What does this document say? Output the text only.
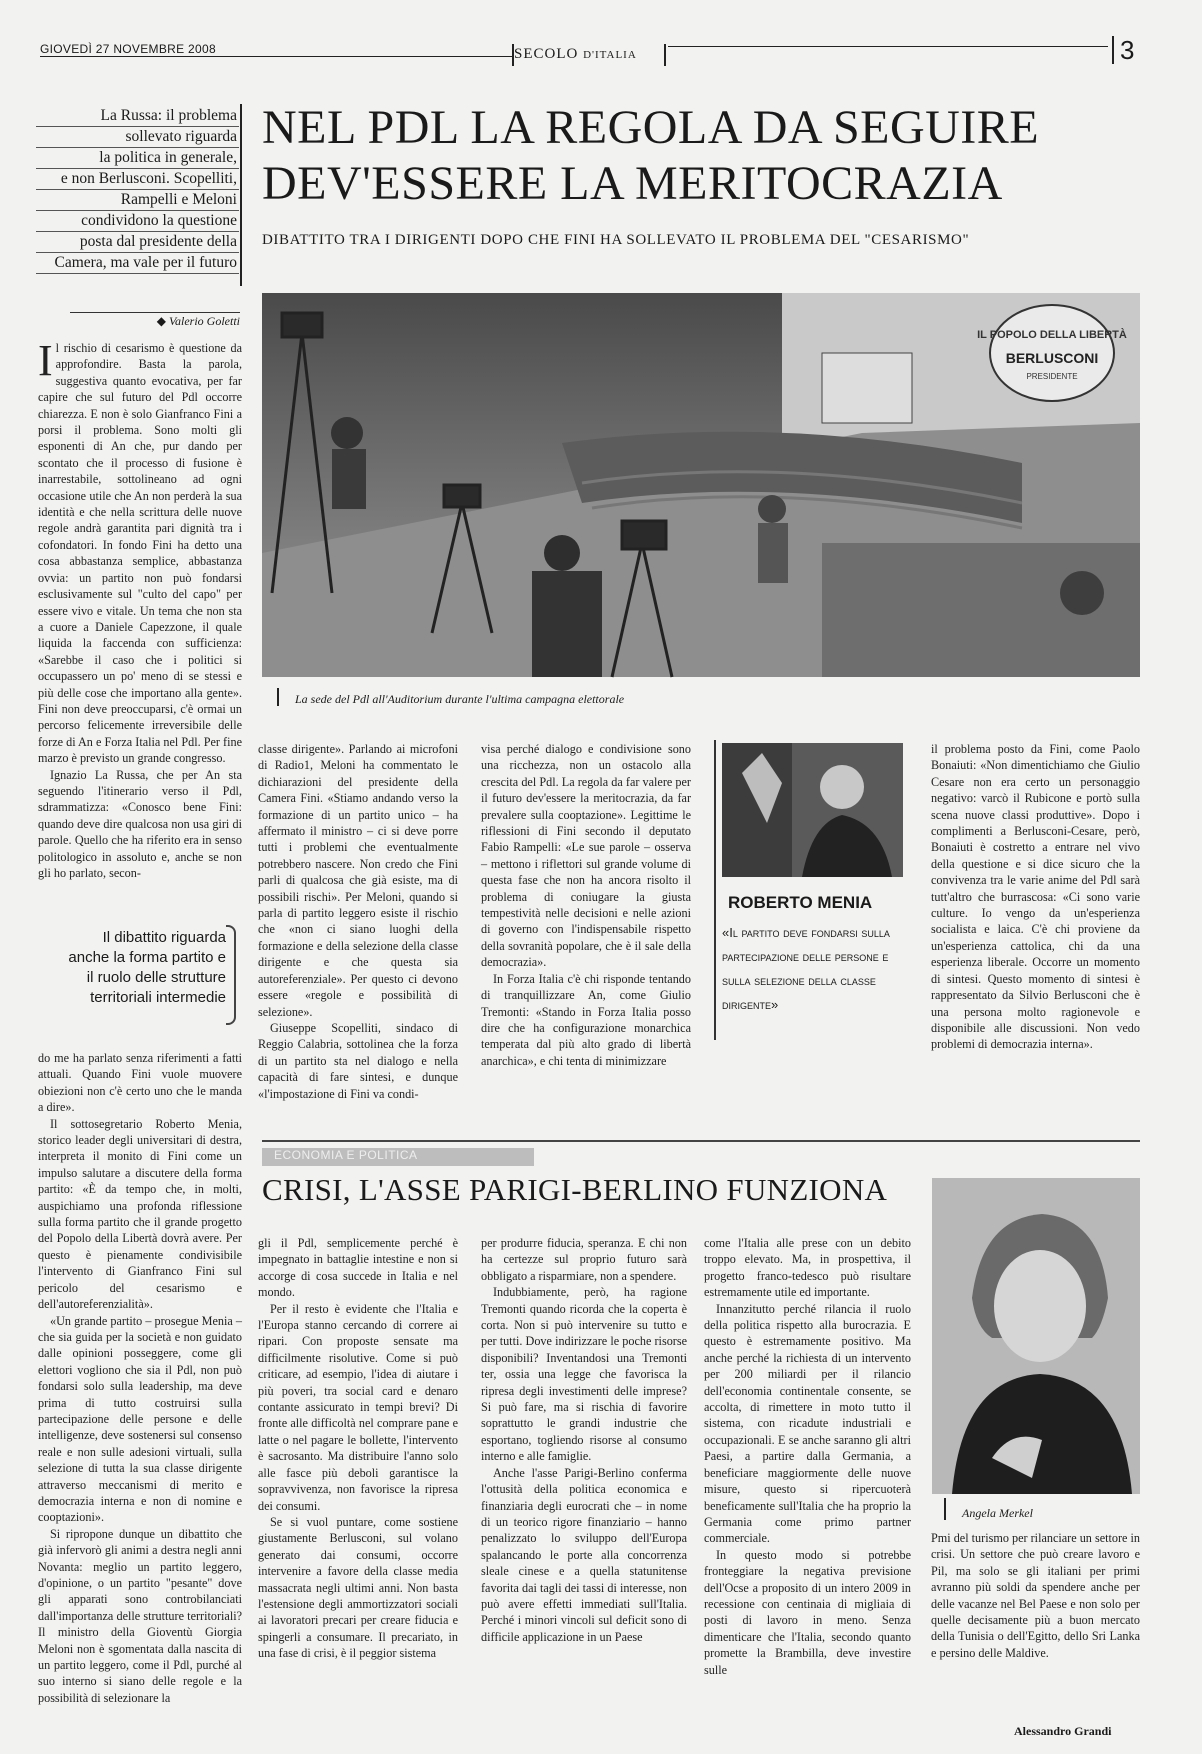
GIOVEDÌ 27 NOVEMBRE 2008	SECOLO D'ITALIA	3
La Russa: il problema
sollevato riguarda
la politica in generale,
e non Berlusconi. Scopelliti,
Rampelli e Meloni
condividono la questione
posta dal presidente della
Camera, ma vale per il futuro
NEL PDL LA REGOLA DA SEGUIRE
DEV'ESSERE LA MERITOCRAZIA
DIBATTITO TRA I DIRIGENTI DOPO CHE FINI HA SOLLEVATO IL PROBLEMA DEL "CESARISMO"
◆ Valerio Goletti
IL POPOLO DELLA LIBERTÀ
BERLUSCONI
PRESIDENTE
La sede del Pdl all'Auditorium durante l'ultima campagna elettorale
I l rischio di cesarismo è questione da approfondire. Basta la parola, suggestiva quanto evocativa, per far capire che sul futuro del Pdl occorre chiarezza. E non è solo Gianfranco Fini a porsi il problema. Sono molti gli esponenti di An che, pur dando per scontato che il processo di fusione è inarrestabile, sottolineano ad ogni occasione utile che An non perderà la sua identità e che nella scrittura delle nuove regole andrà garantita pari dignità tra i cofondatori. In fondo Fini ha detto una cosa abbastanza semplice, abbastanza ovvia: un partito non può fondarsi esclusivamente sul "culto del capo" per essere vivo e vitale. Un tema che non sta a cuore a Daniele Capezzone, il quale liquida la faccenda con sufficienza: «Sarebbe il caso che i politici si occupassero un po' meno di se stessi e più delle cose che importano alla gente». Fini non deve preoccuparsi, c'è ormai un percorso felicemente irreversibile delle forze di An e Forza Italia nel Pdl. Per fine marzo è previsto un grande congresso.

Ignazio La Russa, che per An sta seguendo l'itinerario verso il Pdl, sdrammatizza: «Conosco bene Fini: quando deve dire qualcosa non usa giri di parole. Quello che ha riferito era in senso politologico in assoluto e, anche se non gli ho parlato, secon-

Il dibattito riguarda anche la forma partito e il ruolo delle strutture territoriali intermedie
do me ha parlato senza riferimenti a fatti attuali. Quando Fini vuole muovere obiezioni non c'è certo uno che le manda a dire».

Il sottosegretario Roberto Menia, storico leader degli universitari di destra, interpreta il monito di Fini come un impulso salutare a discutere della forma partito: «È da tempo che, in molti, auspichiamo una profonda riflessione sulla forma partito che il grande progetto del Popolo della Libertà dovrà avere. Per questo è pienamente condivisibile l'intervento di Gianfranco Fini sul pericolo del cesarismo e dell'autoreferenzialità».

«Un grande partito – prosegue Menia – che sia guida per la società e non guidato dalle opinioni posseggere, come gli elettori vogliono che sia il Pdl, non può fondarsi solo sulla leadership, ma deve prima di tutto costruirsi sulla partecipazione delle persone e delle intelligenze, deve sostenersi sul consenso reale e non sulle adesioni virtuali, sulla selezione di tutta la sua classe dirigente attraverso meccanismi di merito e democrazia interna e non di nomine e cooptazioni».

Si ripropone dunque un dibattito che già infervorò gli animi a destra negli anni Novanta: meglio un partito leggero, d'opinione, o un partito "pesante" dove gli apparati sono controbilanciati dall'importanza delle strutture territoriali? Il ministro della Gioventù Giorgia Meloni non è sgomentata dalla nascita di un partito leggero, come il Pdl, purché al suo interno si siano delle regole e la possibilità di selezionare la

classe dirigente». Parlando ai microfoni di Radio1, Meloni ha commentato le dichiarazioni del presidente della Camera Fini. «Stiamo andando verso la formazione di un partito unico – ha affermato il ministro – ci si deve porre tutti i problemi che eventualmente potrebbero nascere. Non credo che Fini parli di qualcosa che già esiste, ma di possibili rischi». Per Meloni, quando si parla di partito leggero esiste il rischio che «non ci siano luoghi della formazione e della selezione della classe dirigente e che questa sia autoreferenziale». Per questo ci devono essere «regole e possibilità di selezione».

Giuseppe Scopelliti, sindaco di Reggio Calabria, sottolinea che la forza di un partito sta nel dialogo e nella capacità di fare sintesi, e dunque «l'impostazione di Fini va condi-

visa perché dialogo e condivisione sono una ricchezza, non un ostacolo alla crescita del Pdl. La regola da far valere per il futuro dev'essere la meritocrazia, da far prevalere sulla cooptazione». Legittime le riflessioni di Fini secondo il deputato Fabio Rampelli: «Le sue parole – osserva – mettono i riflettori sul grande volume di questa fase che non ha ancora risolto il problema di coniugare la giusta tempestività nelle decisioni e nelle azioni di governo con l'indispensabile rispetto della sovranità popolare, che è il sale della democrazia».

In Forza Italia c'è chi risponde tentando di tranquillizzare An, come Giulio Tremonti: «Stando in Forza Italia posso dire che ha configurazione monarchica temperata dal più alto grado di libertà anarchica», e chi tenta di minimizzare

ROBERTO MENIA
«Il partito deve fondarsi sulla partecipazione delle persone e sulla selezione della classe dirigente»
il problema posto da Fini, come Paolo Bonaiuti: «Non dimentichiamo che Giulio Cesare non era certo un personaggio negativo: varcò il Rubicone e portò sulla scena nuove classi produttive». Dopo i complimenti a Berlusconi-Cesare, però, Bonaiuti è costretto a entrare nel vivo della questione e si dice sicuro che la convivenza tra le varie anime del Pdl sarà tutt'altro che burrascosa: «Ci sono varie culture. Io vengo da un'esperienza socialista e laica. C'è chi proviene da un'esperienza cattolica, chi da una esperienza liberale. Occorre un momento di sintesi. Questo momento di sintesi è rappresentato da Silvio Berlusconi che è una persona molto ragionevole e disponibile alle discussioni. Non vedo problemi di democrazia interna».
ECONOMIA E POLITICA
CRISI, L'ASSE PARIGI-BERLINO FUNZIONA
gli il Pdl, semplicemente perché è impegnato in battaglie intestine e non si accorge di cosa succede in Italia e nel mondo.

Per il resto è evidente che l'Italia e l'Europa stanno cercando di correre ai ripari. Con proposte sensate ma difficilmente risolutive. Come si può criticare, ad esempio, l'idea di aiutare i più poveri, tra social card e denaro contante assicurato in tempi brevi? Di fronte alle difficoltà nel comprare pane e latte o nel pagare le bollette, l'intervento è sacrosanto. Ma distribuire l'anno solo alle fasce più deboli garantisce la sopravvivenza, non favorisce la ripresa dei consumi.

Se si vuol puntare, come sostiene giustamente Berlusconi, sul volano generato dai consumi, occorre intervenire a favore della classe media massacrata negli ultimi anni. Non basta l'estensione degli ammortizzatori sociali ai lavoratori precari per creare fiducia e spingerli a consumare. Il precariato, in una fase di crisi, è il peggior sistema

per produrre fiducia, speranza. E chi non ha certezze sul proprio futuro sarà obbligato a risparmiare, non a spendere.

Indubbiamente, però, ha ragione Tremonti quando ricorda che la coperta è corta. Non si può intervenire su tutto e per tutti. Dove indirizzare le poche risorse disponibili? Inventandosi una Tremonti ter, ossia una legge che favorisca la ripresa degli investimenti delle imprese? Si può fare, ma si rischia di favorire soprattutto le grandi industrie che esportano, togliendo risorse al consumo interno e alle famiglie.

Anche l'asse Parigi-Berlino conferma l'ottusità della politica economica e finanziaria degli eurocrati che – in nome di un teorico rigore finanziario – hanno penalizzato lo sviluppo dell'Europa spalancando le porte alla concorrenza sleale cinese e a quella statunitense favorita dai tagli dei tassi di interesse, non può avere effetti immediati sull'Italia. Perché i minori vincoli sul deficit sono di difficile applicazione in un Paese

come l'Italia alle prese con un debito troppo elevato. Ma, in prospettiva, il progetto franco-tedesco può risultare estremamente utile ed importante.

Innanzitutto perché rilancia il ruolo della politica rispetto alla burocrazia. E questo è estremamente positivo. Ma anche perché la richiesta di un intervento per 200 miliardi per il rilancio dell'economia continentale consente, se accolta, di rimettere in moto tutto il sistema, con ricadute industriali e occupazionali. E se anche saranno gli altri Paesi, a partire dalla Germania, a beneficiare maggiormente delle nuove misure, questo si ripercuoterà beneficamente sull'Italia che ha proprio la Germania come primo partner commerciale.

In questo modo si potrebbe fronteggiare la negativa previsione dell'Ocse a proposito di un intero 2009 in recessione con centinaia di migliaia di posti di lavoro in meno. Senza dimenticare che l'Italia, secondo quanto promette la Brambilla, deve investire sulle

Angela Merkel
Pmi del turismo per rilanciare un settore in crisi. Un settore che può creare lavoro e Pil, ma solo se gli italiani per primi avranno più soldi da spendere anche per delle vacanze nel Bel Paese e non solo per quelle decisamente più a buon mercato della Tunisia o dell'Egitto, dello Sri Lanka e persino delle Maldive.
Alessandro Grandi
